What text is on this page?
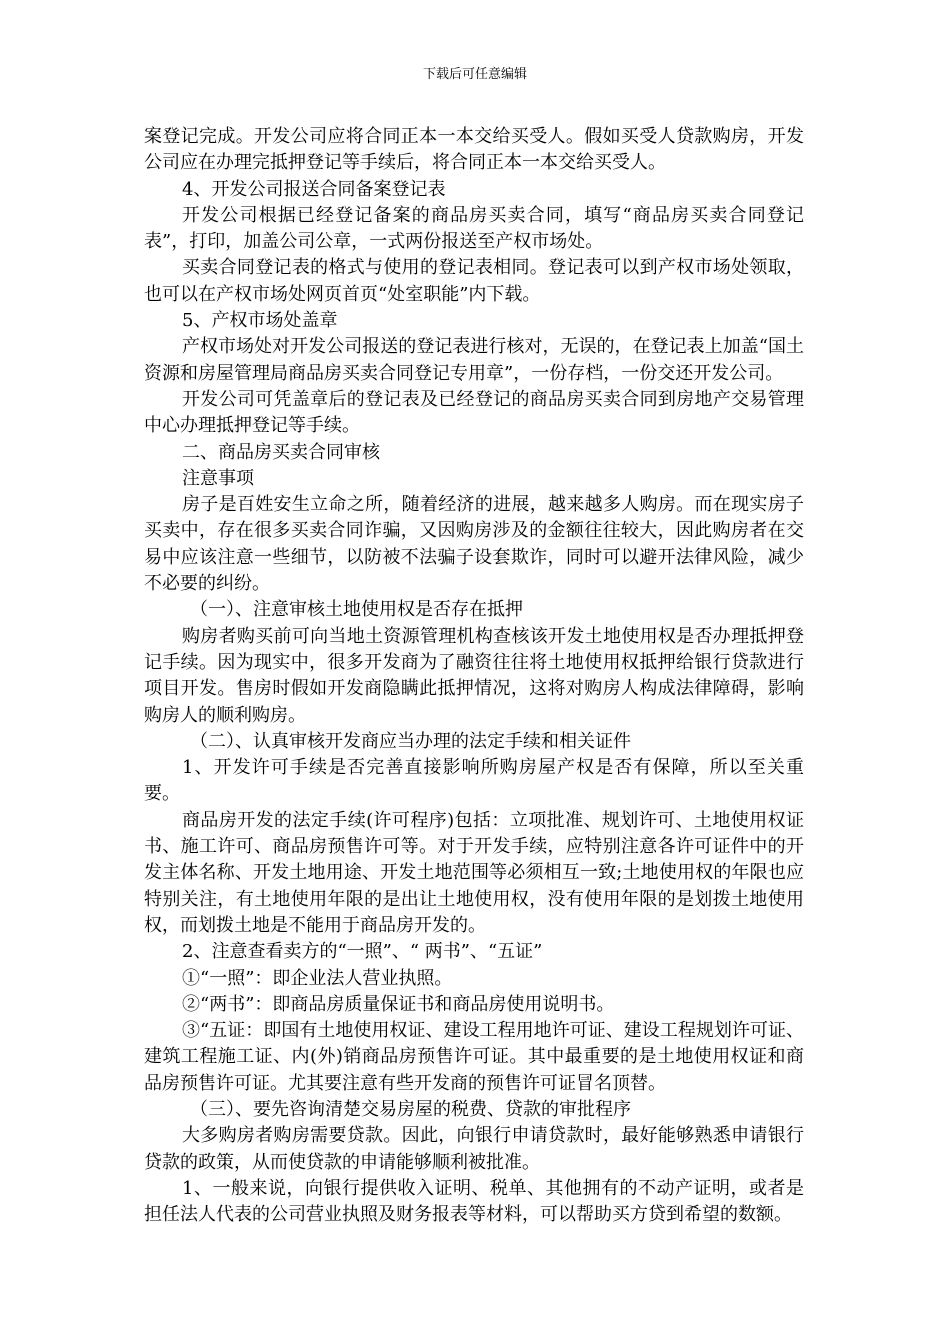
下载后可任意编辑

案登记完成。开发公司应将合同正本一本交给买受人。假如买受人贷款购房，开发公司应在办理完抵押登记等手续后，将合同正本一本交给买受人。

4、开发公司报送合同备案登记表

开发公司根据已经登记备案的商品房买卖合同，填写“商品房买卖合同登记表”，打印，加盖公司公章，一式两份报送至产权市场处。

买卖合同登记表的格式与使用的登记表相同。登记表可以到产权市场处领取，也可以在产权市场处网页首页“处室职能”内下载。

5、产权市场处盖章

产权市场处对开发公司报送的登记表进行核对，无误的，在登记表上加盖“国土资源和房屋管理局商品房买卖合同登记专用章”，一份存档，一份交还开发公司。

开发公司可凭盖章后的登记表及已经登记的商品房买卖合同到房地产交易管理中心办理抵押登记等手续。

二、商品房买卖合同审核

注意事项

房子是百姓安生立命之所，随着经济的进展，越来越多人购房。而在现实房子买卖中，存在很多买卖合同诈骗，又因购房涉及的金额往往较大，因此购房者在交易中应该注意一些细节，以防被不法骗子设套欺诈，同时可以避开法律风险，减少不必要的纠纷。

（一）、注意审核土地使用权是否存在抵押

购房者购买前可向当地土资源管理机构查核该开发土地使用权是否办理抵押登记手续。因为现实中，很多开发商为了融资往往将土地使用权抵押给银行贷款进行项目开发。售房时假如开发商隐瞒此抵押情况，这将对购房人构成法律障碍，影响购房人的顺利购房。

（二）、认真审核开发商应当办理的法定手续和相关证件

1、开发许可手续是否完善直接影响所购房屋产权是否有保障，所以至关重要。

商品房开发的法定手续(许可程序)包括：立项批准、规划许可、土地使用权证书、施工许可、商品房预售许可等。对于开发手续，应特别注意各许可证件中的开发主体名称、开发土地用途、开发土地范围等必须相互一致;土地使用权的年限也应特别关注，有土地使用年限的是出让土地使用权，没有使用年限的是划拨土地使用权，而划拨土地是不能用于商品房开发的。

2、注意查看卖方的“一照”、“ 两书”、“五证”

①“一照”：即企业法人营业执照。

②“两书”：即商品房质量保证书和商品房使用说明书。

③“五证：即国有土地使用权证、建设工程用地许可证、建设工程规划许可证、建筑工程施工证、内(外)销商品房预售许可证。其中最重要的是土地使用权证和商品房预售许可证。尤其要注意有些开发商的预售许可证冒名顶替。

（三）、要先咨询清楚交易房屋的税费、贷款的审批程序

大多购房者购房需要贷款。因此，向银行申请贷款时，最好能够熟悉申请银行贷款的政策，从而使贷款的申请能够顺利被批准。

1、一般来说，向银行提供收入证明、税单、其他拥有的不动产证明，或者是担任法人代表的公司营业执照及财务报表等材料，可以帮助买方贷到希望的数额。
